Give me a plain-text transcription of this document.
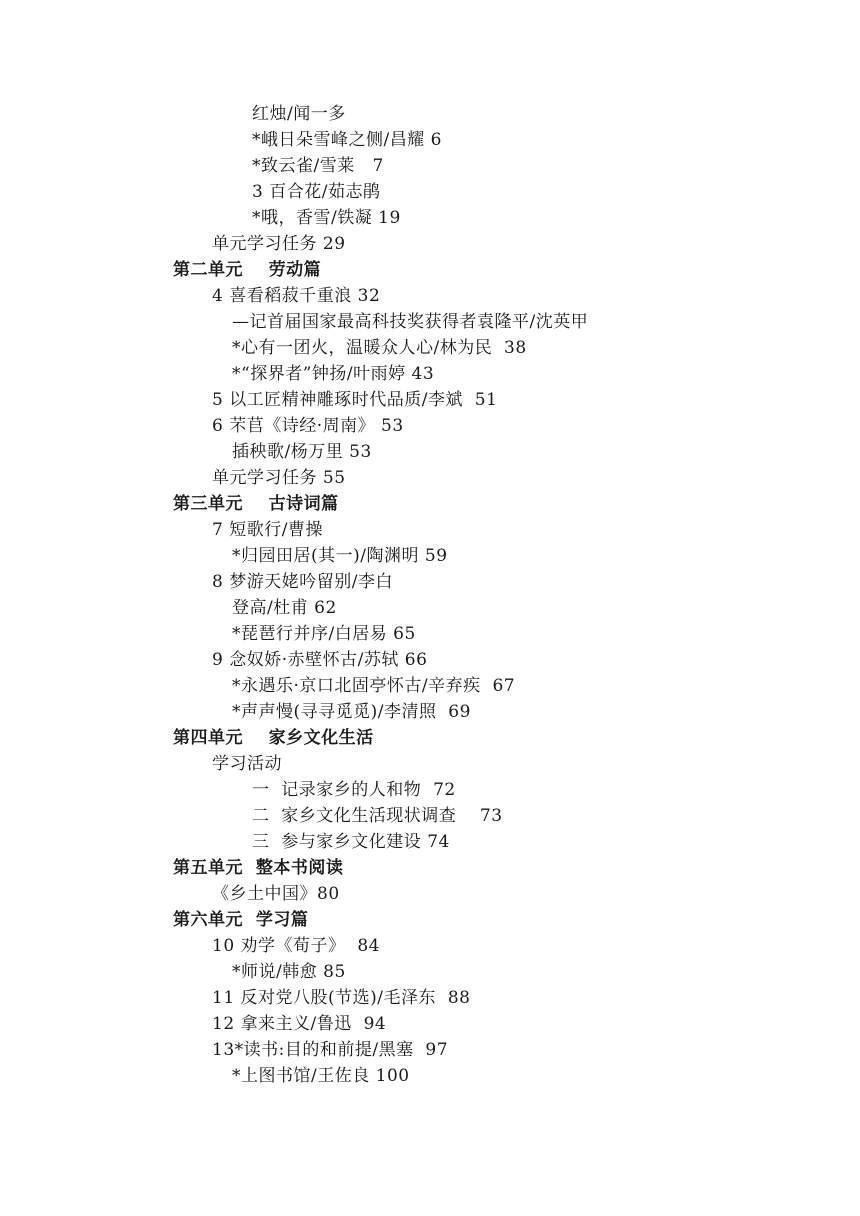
红烛/闻一多
*峨日朵雪峰之侧/昌耀 6
*致云雀/雪莱   7
3 百合花/茹志鹃
*哦，香雪/铁凝 19
单元学习任务 29
第二单元    劳动篇
4 喜看稻菽千重浪 32
—记首届国家最高科技奖获得者袁隆平/沈英甲
*心有一团火，温暖众人心/林为民  38
*“探界者”钟扬/叶雨婷 43
5 以工匠精神雕琢时代品质/李斌  51
6 芣苢《诗经·周南》 53
插秧歌/杨万里 53
单元学习任务 55
第三单元    古诗词篇
7 短歌行/曹操
*归园田居(其一)/陶渊明 59
8 梦游天姥吟留别/李白
登高/杜甫 62
*琵琶行并序/白居易 65
9 念奴娇·赤壁怀古/苏轼 66
*永遇乐·京口北固亭怀古/辛弃疾  67
*声声慢(寻寻觅觅)/李清照  69
第四单元    家乡文化生活
学习活动
一  记录家乡的人和物  72
二  家乡文化生活现状调查    73
三  参与家乡文化建设 74
第五单元  整本书阅读
《乡土中国》80
第六单元  学习篇
10 劝学《荀子》  84
*师说/韩愈 85
11 反对党八股(节选)/毛泽东  88
12 拿来主义/鲁迅  94
13*读书:目的和前提/黑塞  97
*上图书馆/王佐良 100
